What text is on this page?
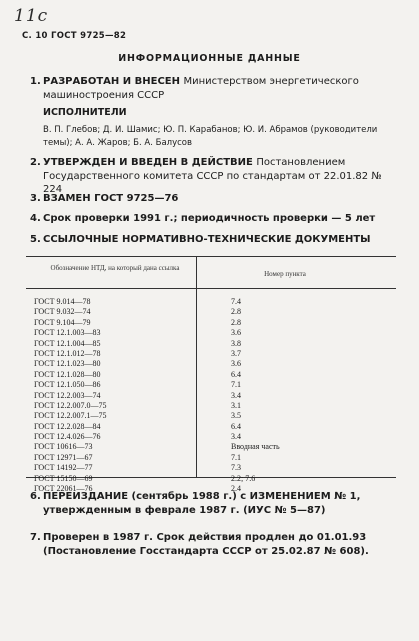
11c
С. 10 ГОСТ 9725—82
ИНФОРМАЦИОННЫЕ ДАННЫЕ
1. РАЗРАБОТАН И ВНЕСЕН Министерством энергетического машиностроения СССР
ИСПОЛНИТЕЛИ
В. П. Глебов; Д. И. Шамис; Ю. П. Карабанов; Ю. И. Абрамов (руководители темы); А. А. Жаров; Б. А. Балусов
2. УТВЕРЖДЕН И ВВЕДЕН В ДЕЙСТВИЕ Постановлением Государственного комитета СССР по стандартам от 22.01.82 № 224
3. ВЗАМЕН ГОСТ 9725—76
4. Срок проверки 1991 г.; периодичность проверки — 5 лет
5. ССЫЛОЧНЫЕ НОРМАТИВНО-ТЕХНИЧЕСКИЕ ДОКУМЕНТЫ
Обозначение НТД, на который дана ссылка
Номер пункта
ГОСТ 9.014—78	7.4
ГОСТ 9.032—74	2.8
ГОСТ 9.104—79	2.8
ГОСТ 12.1.003—83	3.6
ГОСТ 12.1.004—85	3.8
ГОСТ 12.1.012—78	3.7
ГОСТ 12.1.023—80	3.6
ГОСТ 12.1.028—80	6.4
ГОСТ 12.1.050—86	7.1
ГОСТ 12.2.003—74	3.4
ГОСТ 12.2.007.0—75	3.1
ГОСТ 12.2.007.1—75	3.5
ГОСТ 12.2.028—84	6.4
ГОСТ 12.4.026—76	3.4
ГОСТ 10616—73	Вводная часть
ГОСТ 12971—67	7.1
ГОСТ 14192—77	7.3
ГОСТ 15150—69	2.2; 7.6
ГОСТ 22061—76	2.4
6. ПЕРЕИЗДАНИЕ (сентябрь 1988 г.) с ИЗМЕНЕНИЕМ № 1, утвержденным в феврале 1987 г. (ИУС № 5—87)
7. Проверен в 1987 г. Срок действия продлен до 01.01.93 (Постановление Госстандарта СССР от 25.02.87 № 608).
